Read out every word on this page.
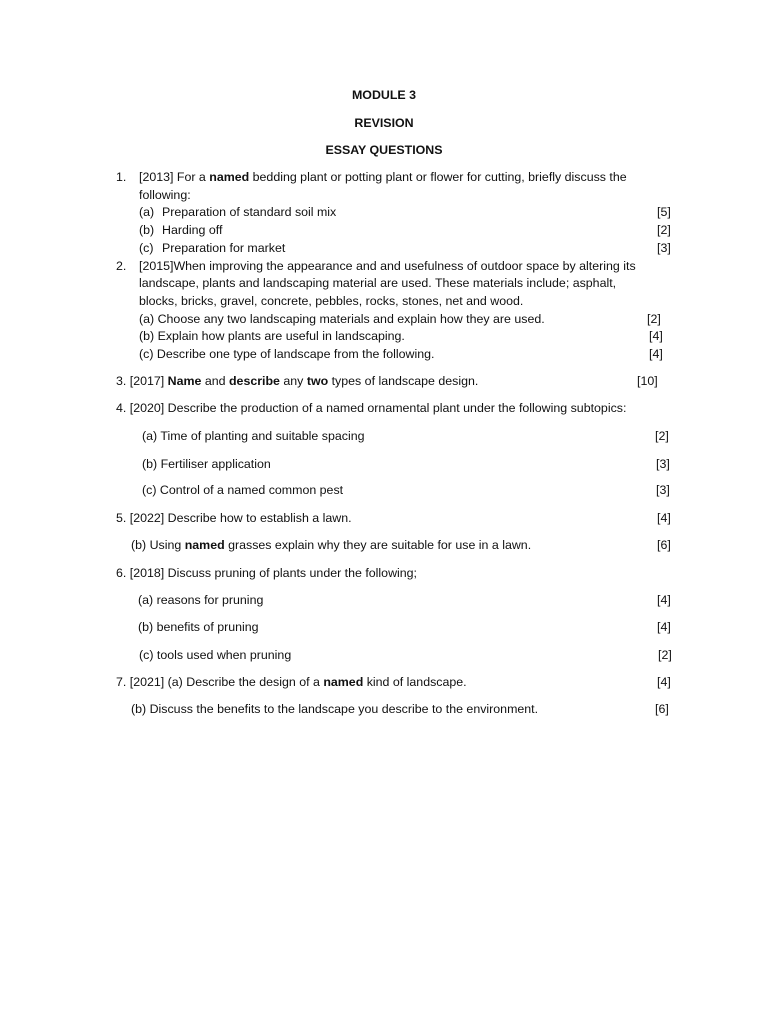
MODULE 3
REVISION
ESSAY QUESTIONS
1. [2013] For a named bedding plant or potting plant or flower for cutting, briefly discuss the
following:
(a) Preparation of standard soil mix	[5]
(b) Harding off	[2]
(c) Preparation for market	[3]
2. [2015]When improving the appearance and and usefulness of outdoor space by altering its
landscape, plants and landscaping material are used. These materials include; asphalt,
blocks, bricks, gravel, concrete, pebbles, rocks, stones, net and wood.
(a) Choose any two landscaping materials and explain how they are used.	[2]
(b) Explain how plants are useful in landscaping.	[4]
(c) Describe one type of landscape from the following.	[4]
3. [2017] Name and describe any two types of landscape design.	[10]
4. [2020] Describe the production of a named ornamental plant under the following subtopics:
(a) Time of planting and suitable spacing	[2]
(b) Fertiliser application	[3]
(c) Control of a named common pest	[3]
5. [2022] Describe how to establish a lawn.	[4]
(b) Using named grasses explain why they are suitable for use in a lawn.	[6]
6. [2018] Discuss pruning of plants under the following;
(a) reasons for pruning	[4]
(b) benefits of pruning	[4]
(c) tools used when pruning	[2]
7. [2021] (a) Describe the design of a named kind of landscape.	[4]
(b) Discuss the benefits to the landscape you describe to the environment.	[6]
